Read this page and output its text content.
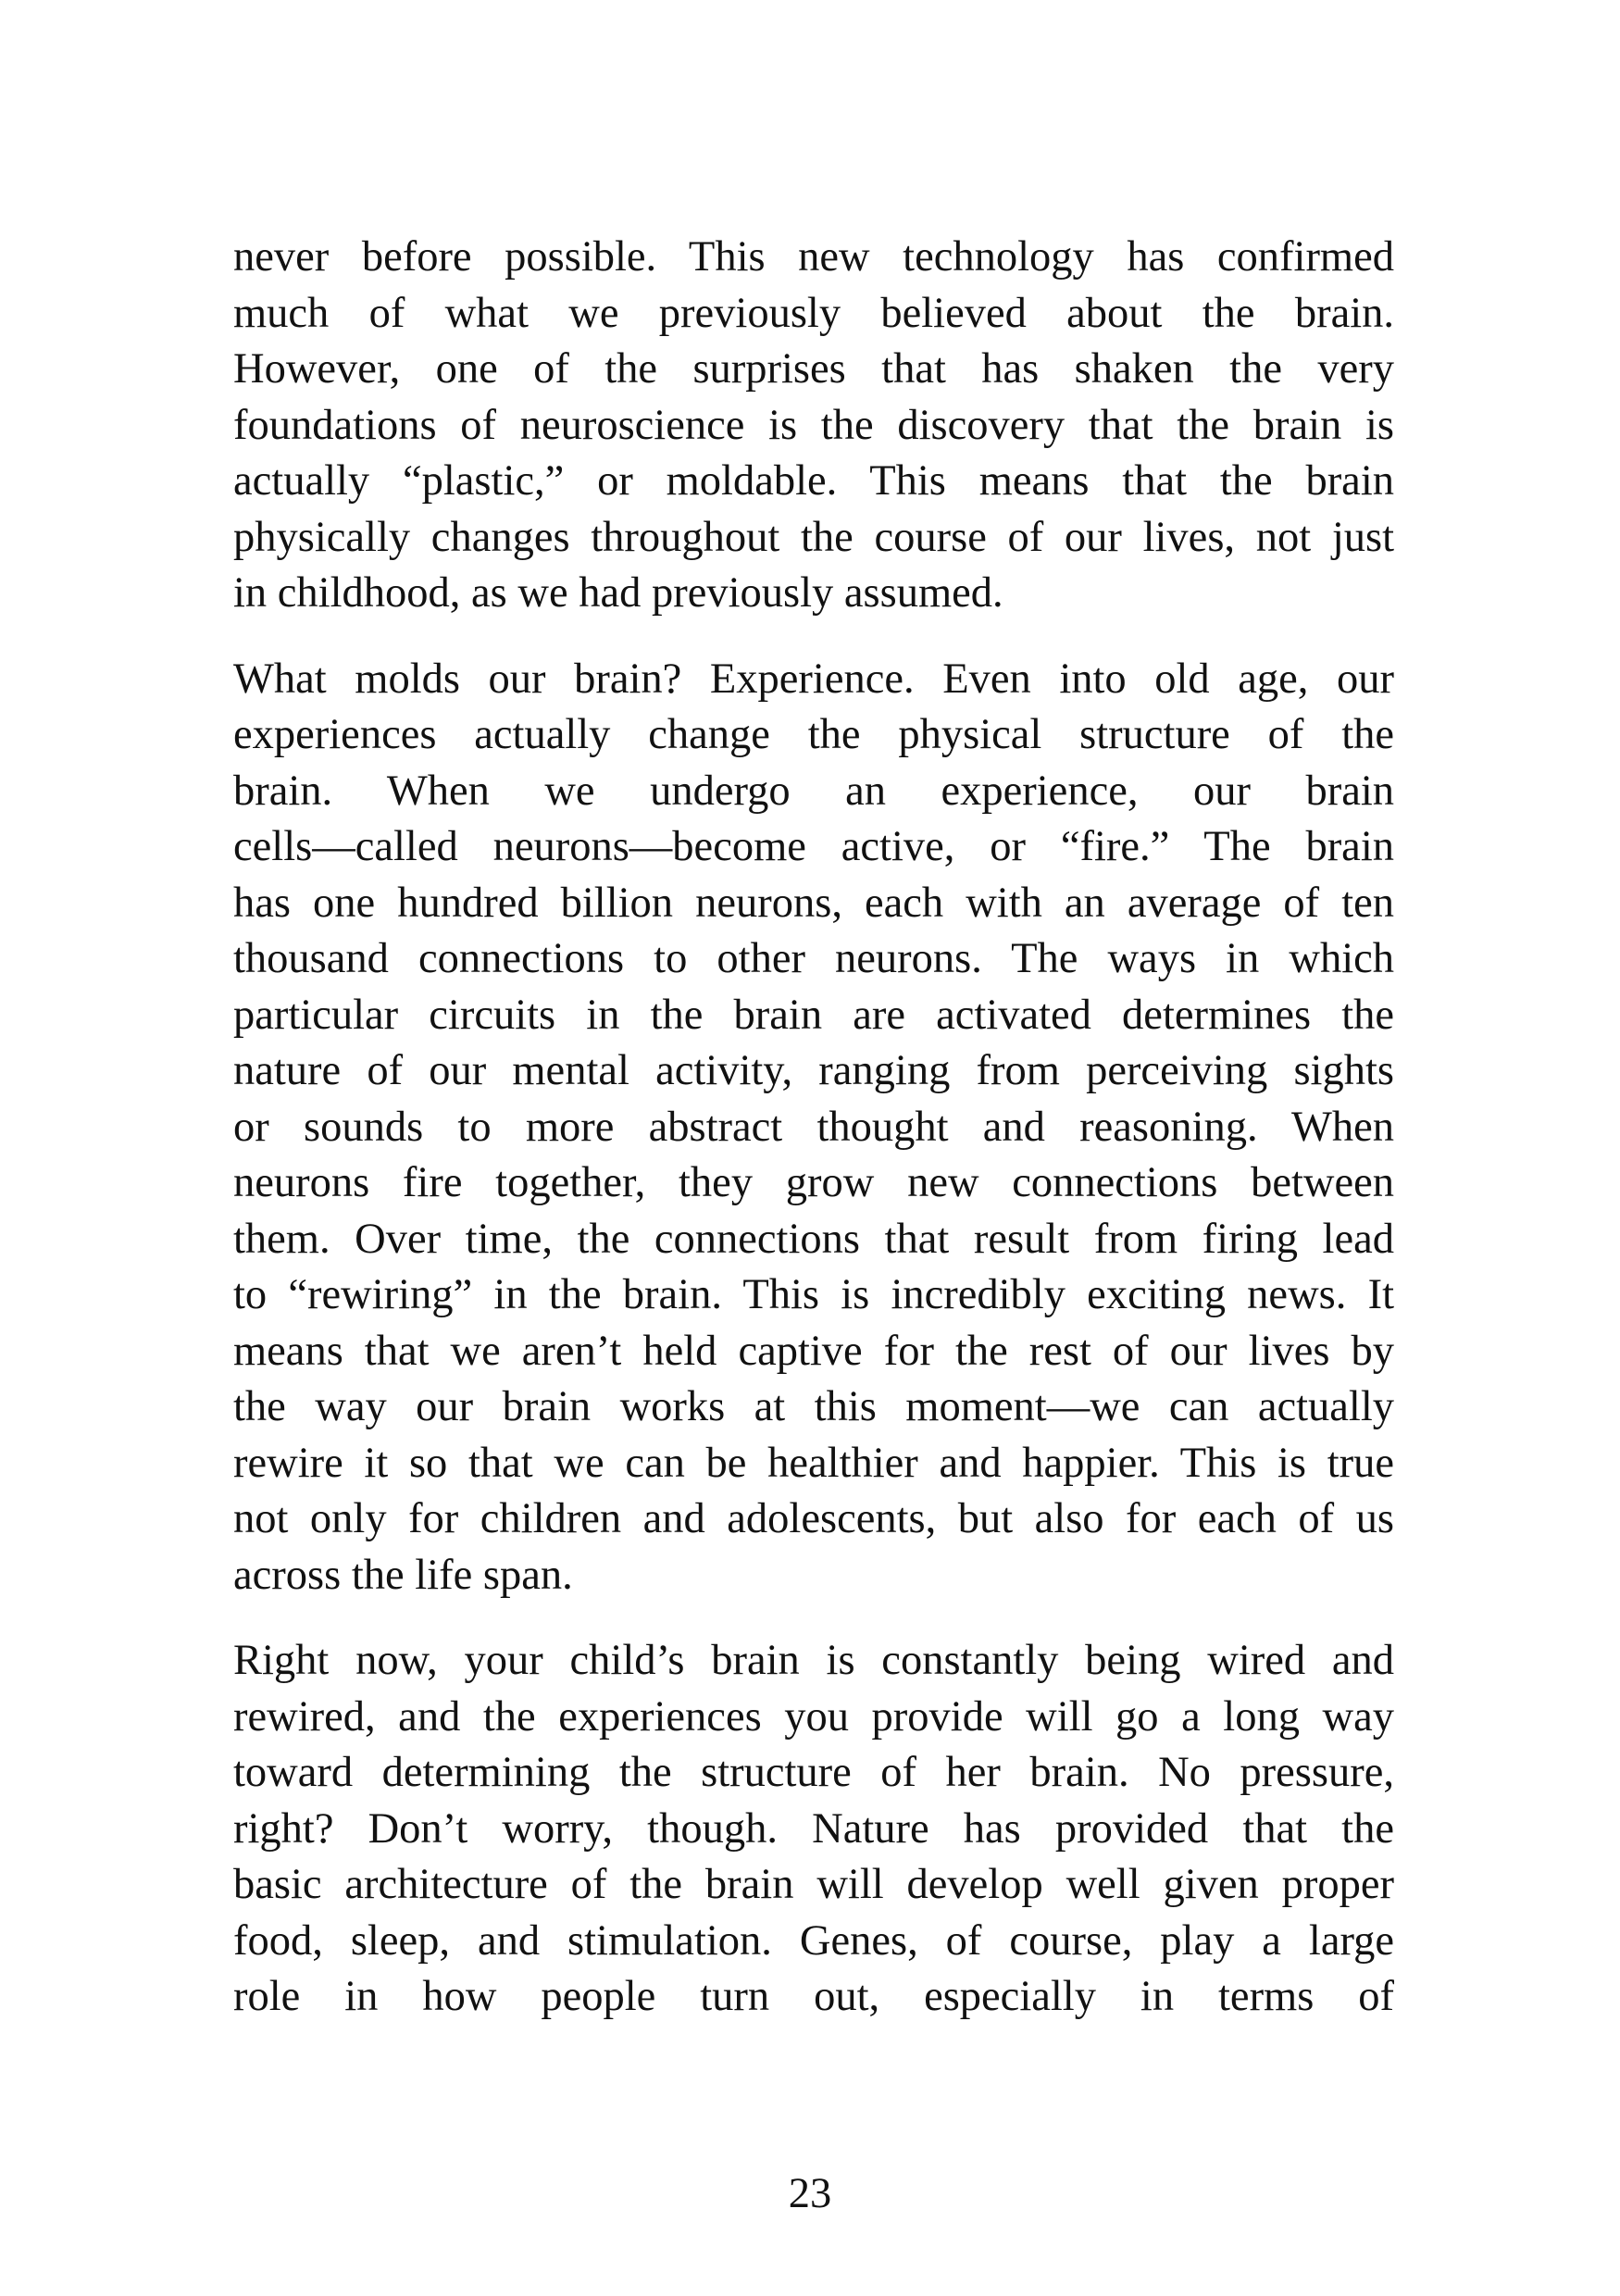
never before possible. This new technology has confirmed
much of what we previously believed about the brain.
However, one of the surprises that has shaken the very
foundations of neuroscience is the discovery that the brain is
actually “plastic,” or moldable. This means that the brain
physically changes throughout the course of our lives, not just
in childhood, as we had previously assumed.

What molds our brain? Experience. Even into old age, our
experiences actually change the physical structure of the
brain. When we undergo an experience, our brain
cells—called neurons—become active, or “fire.” The brain
has one hundred billion neurons, each with an average of ten
thousand connections to other neurons. The ways in which
particular circuits in the brain are activated determines the
nature of our mental activity, ranging from perceiving sights
or sounds to more abstract thought and reasoning. When
neurons fire together, they grow new connections between
them. Over time, the connections that result from firing lead
to “rewiring” in the brain. This is incredibly exciting news. It
means that we aren’t held captive for the rest of our lives by
the way our brain works at this moment—we can actually
rewire it so that we can be healthier and happier. This is true
not only for children and adolescents, but also for each of us
across the life span.

Right now, your child’s brain is constantly being wired and
rewired, and the experiences you provide will go a long way
toward determining the structure of her brain. No pressure,
right? Don’t worry, though. Nature has provided that the
basic architecture of the brain will develop well given proper
food, sleep, and stimulation. Genes, of course, play a large
role in how people turn out, especially in terms of

23
